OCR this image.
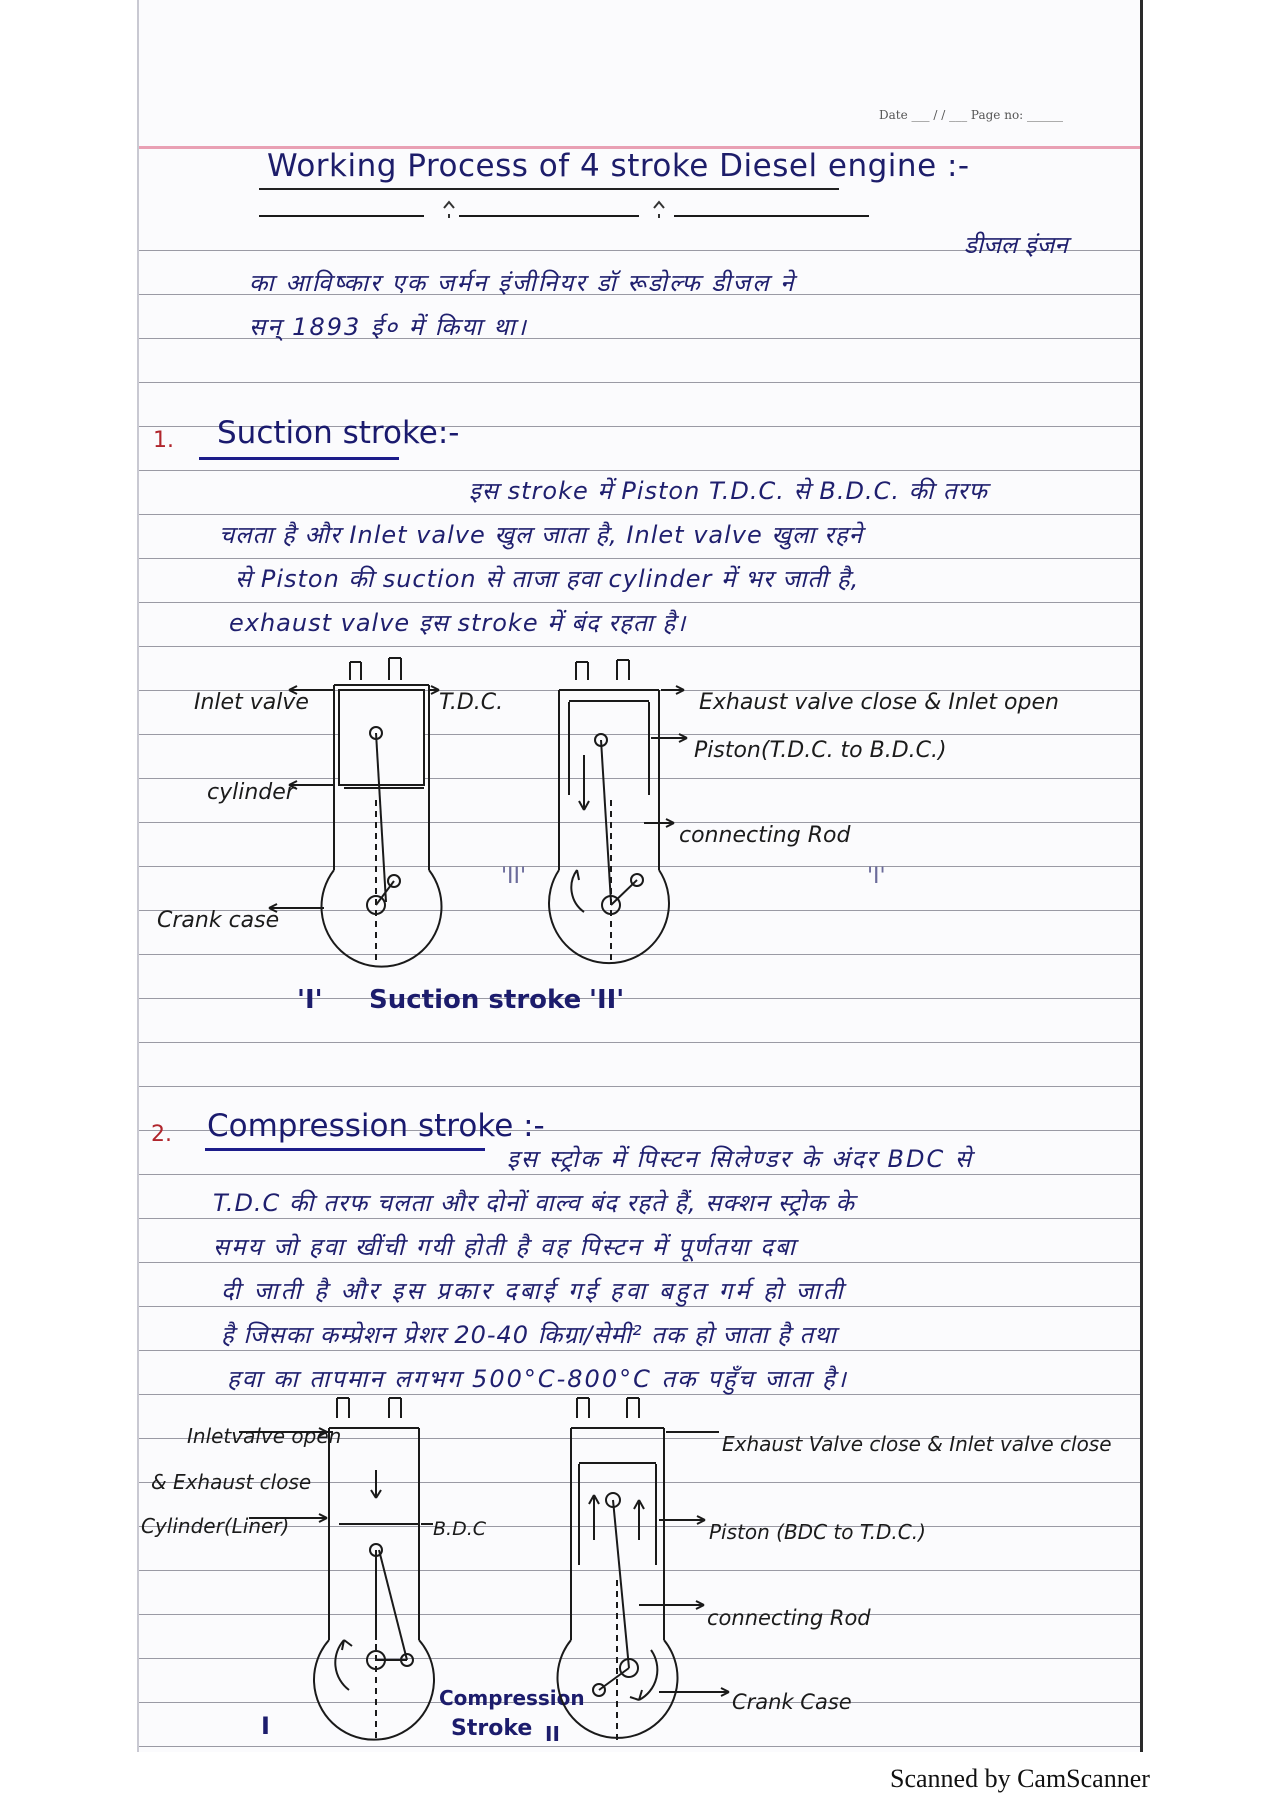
Date ___ / / ___ Page no: ______
Working Process of 4 stroke Diesel engine :-
डीजल इंजन
का आविष्कार एक जर्मन इंजीनियर डॉ रूडोल्फ डीजल ने
सन् 1893 ई० में किया था।
1. Suction stroke:-
इस stroke में Piston T.D.C. से B.D.C. की तरफ
चलता है और Inlet valve खुल जाता है, Inlet valve खुला रहने
से Piston की suction से ताजा हवा cylinder में भर जाती है,
exhaust valve इस stroke में बंद रहता है।
Inlet valve	T.D.C.
cylinder
Crank case
Exhaust valve close & Inlet open
Piston(T.D.C. to B.D.C.)
connecting Rod
'II'	'I'
'I' Suction stroke 'II'
2. Compression stroke :-
इस स्ट्रोक में पिस्टन सिलेण्डर के अंदर BDC से
T.D.C की तरफ चलता और दोनों वाल्व बंद रहते हैं, सक्शन स्ट्रोक के
समय जो हवा खींची गयी होती है वह पिस्टन में पूर्णतया दबा
दी जाती है और इस प्रकार दबाई गई हवा बहुत गर्म हो जाती
है जिसका कम्प्रेशन प्रेशर 20-40 किग्रा/सेमी² तक हो जाता है तथा
हवा का तापमान लगभग 500°C-800°C तक पहुँच जाता है।
Inletvalve open
& Exhaust close
Cylinder(Liner)	B.D.C
Exhaust Valve close & Inlet valve close
Piston (BDC to T.D.C.)
connecting Rod
Crank Case
Compression
Stroke
I	II
Scanned by CamScanner
